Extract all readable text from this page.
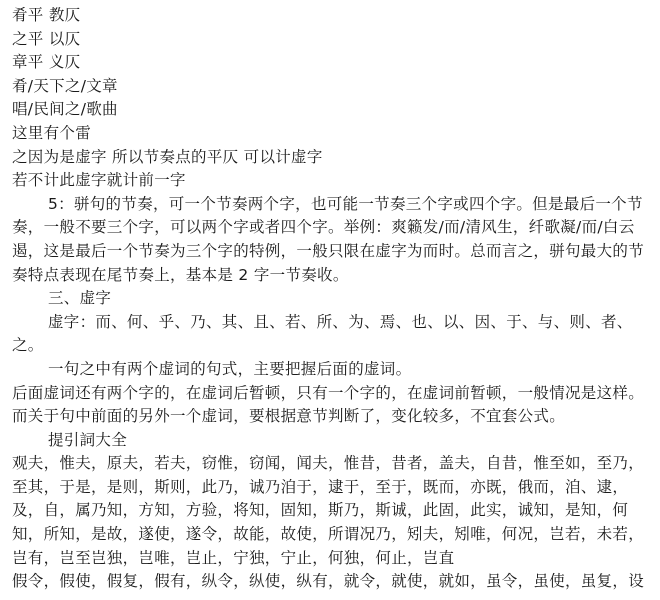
肴平 教仄

之平 以仄

章平 义仄

肴/天下之/文章

唱/民间之/歌曲

这里有个雷

之因为是虚字 所以节奏点的平仄 可以计虚字

若不计此虚字就计前一字

5：骈句的节奏，可一个节奏两个字，也可能一节奏三个字或四个字。但是最后一个节

奏，一般不要三个字，可以两个字或者四个字。举例：爽籁发/而/清风生，纤歌凝/而/白云

遏，这是最后一个节奏为三个字的特例，一般只限在虚字为而时。总而言之，骈句最大的节

奏特点表现在尾节奏上，基本是 2 字一节奏收。

三、虚字

虚字：而、何、乎、乃、其、且、若、所、为、焉、也、以、因、于、与、则、者、

之。

一句之中有两个虚词的句式，主要把握后面的虚词。

后面虚词还有两个字的，在虚词后暂顿，只有一个字的，在虚词前暂顿，一般情况是这样。

而关于句中前面的另外一个虚词，要根据意节判断了，变化较多，不宜套公式。

提引詞大全

观夫，惟夫，原夫，若夫，窃惟，窃闻，闻夫，惟昔，昔者，盖夫，自昔，惟至如，至乃，

至其，于是，是则，斯则，此乃，诚乃洎于，逮于，至于，既而，亦既，俄而，洎、逮，

及，自，属乃知，方知，方验，将知，固知，斯乃，斯诚，此固，此实，诚知，是知，何

知，所知，是故，遂使，遂令，故能，故使，所谓况乃，矧夫，矧唯，何况，岂若，未若，

岂有，岂至岂独，岂唯，岂止，宁独，宁止，何独，何止，岂直

假令，假使，假复，假有，纵令，纵使，纵有，就令，就使，就如，虽令，虽使，虽复，设
